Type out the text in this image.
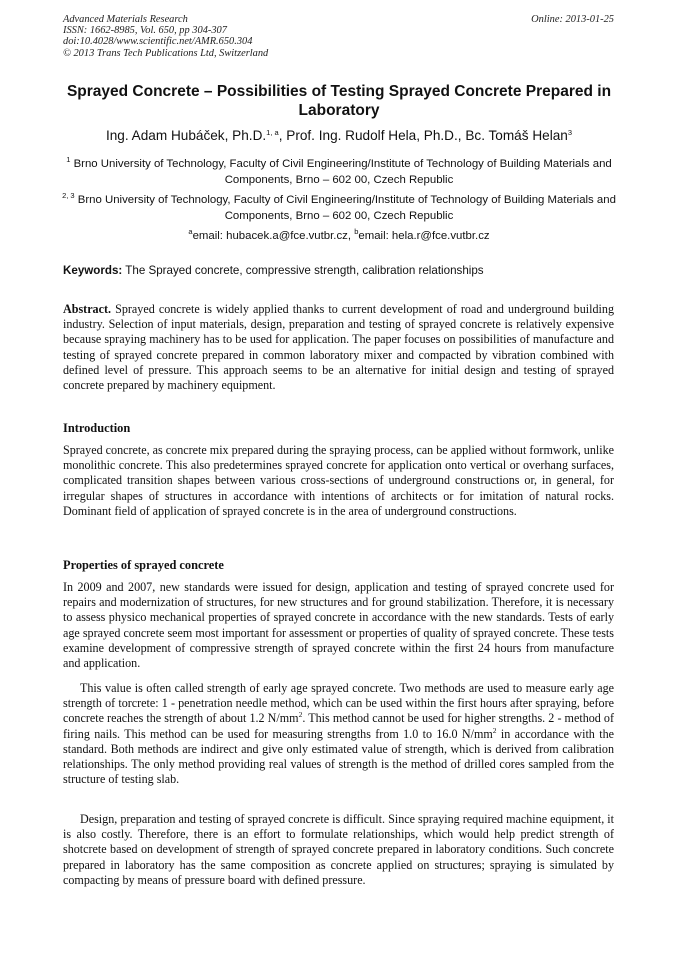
Advanced Materials Research
ISSN: 1662-8985, Vol. 650, pp 304-307
doi:10.4028/www.scientific.net/AMR.650.304
© 2013 Trans Tech Publications Ltd, Switzerland
Online: 2013-01-25
Sprayed Concrete – Possibilities of Testing Sprayed Concrete Prepared in Laboratory
Ing. Adam Hubáček, Ph.D.$^{1, a}$, Prof. Ing. Rudolf Hela, Ph.D., Bc. Tomáš Helan$^3$
$^1$ Brno University of Technology, Faculty of Civil Engineering/Institute of Technology of Building Materials and Components, Brno – 602 00, Czech Republic
$^{2, 3}$ Brno University of Technology, Faculty of Civil Engineering/Institute of Technology of Building Materials and Components, Brno – 602 00, Czech Republic
$^a$email: hubacek.a@fce.vutbr.cz, $^b$email: hela.r@fce.vutbr.cz
Keywords: The Sprayed concrete, compressive strength, calibration relationships

Abstract. Sprayed concrete is widely applied thanks to current development of road and underground building industry. Selection of input materials, design, preparation and testing of sprayed concrete is relatively expensive because spraying machinery has to be used for application. The paper focuses on possibilities of manufacture and testing of sprayed concrete prepared in common laboratory mixer and compacted by vibration combined with defined level of pressure. This approach seems to be an alternative for initial design and testing of sprayed concrete prepared by machinery equipment.

Introduction

Sprayed concrete, as concrete mix prepared during the spraying process, can be applied without formwork, unlike monolithic concrete. This also predetermines sprayed concrete for application onto vertical or overhang surfaces, complicated transition shapes between various cross-sections of underground constructions or, in general, for irregular shapes of structures in accordance with intentions of architects or for imitation of natural rocks. Dominant field of application of sprayed concrete is in the area of underground constructions.

Properties of sprayed concrete

In 2009 and 2007, new standards were issued for design, application and testing of sprayed concrete used for repairs and modernization of structures, for new structures and for ground stabilization. Therefore, it is necessary to assess physico mechanical properties of sprayed concrete in accordance with the new standards. Tests of early age sprayed concrete seem most important for assessment or properties of quality of sprayed concrete. These tests examine development of compressive strength of sprayed concrete within the first 24 hours from manufacture and application.

This value is often called strength of early age sprayed concrete. Two methods are used to measure early age strength of torcrete: 1 - penetration needle method, which can be used within the first hours after spraying, before concrete reaches the strength of about 1.2 $N/mm^2$. This method cannot be used for higher strengths. 2 - method of firing nails. This method can be used for measuring strengths from 1.0 to 16.0 $N/mm^2$ in accordance with the standard. Both methods are indirect and give only estimated value of strength, which is derived from calibration relationships. The only method providing real values of strength is the method of drilled cores sampled from the structure of testing slab.

Design, preparation and testing of sprayed concrete is difficult. Since spraying required machine equipment, it is also costly. Therefore, there is an effort to formulate relationships, which would help predict strength of shotcrete based on development of strength of sprayed concrete prepared in laboratory conditions. Such concrete prepared in laboratory has the same composition as concrete applied on structures; spraying is simulated by compacting by means of pressure board with defined pressure.
